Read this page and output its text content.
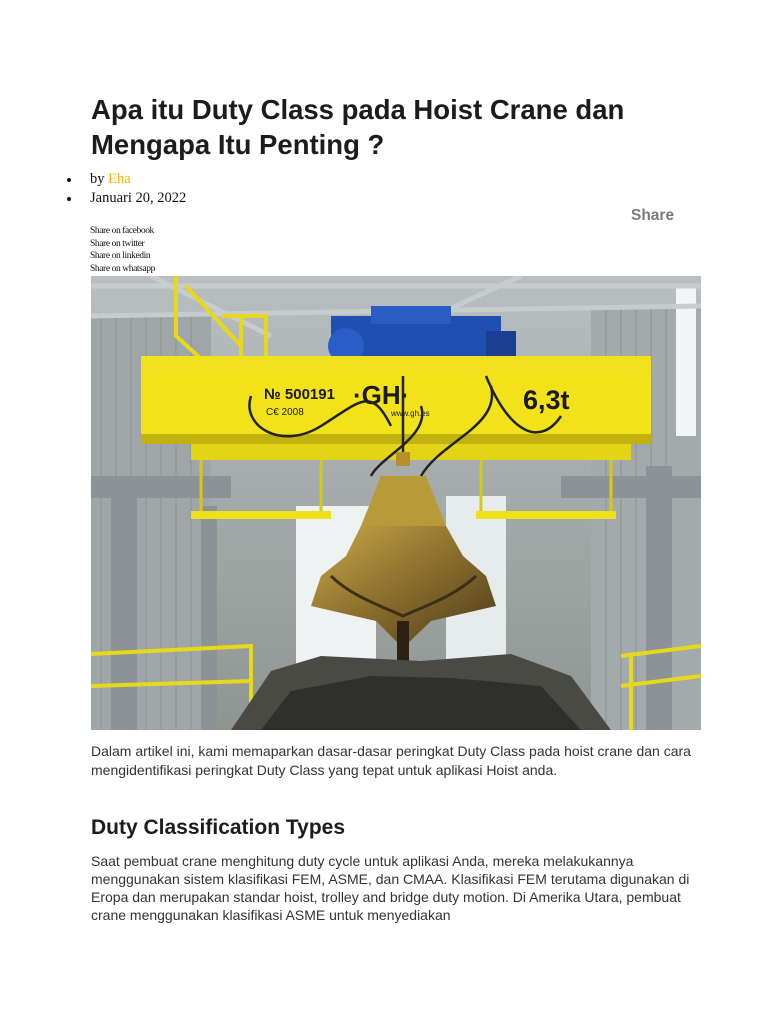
Apa itu Duty Class pada Hoist Crane dan Mengapa Itu Penting ?
by Eha
Januari 20, 2022
Share
Share on facebook
Share on twitter
Share on linkedin
Share on whatsapp
№ 500191
C€ 2008
·GH·
www.gh.es	6,3t

Dalam artikel ini, kami memaparkan dasar-dasar peringkat Duty Class pada hoist crane dan cara mengidentifikasi peringkat Duty Class yang tepat untuk aplikasi Hoist anda.

Duty Classification Types

Saat pembuat crane menghitung duty cycle untuk aplikasi Anda, mereka melakukannya menggunakan sistem klasifikasi FEM, ASME, dan CMAA. Klasifikasi FEM terutama digunakan di Eropa dan merupakan standar hoist, trolley and bridge duty motion. Di Amerika Utara, pembuat crane menggunakan klasifikasi ASME untuk menyediakan
